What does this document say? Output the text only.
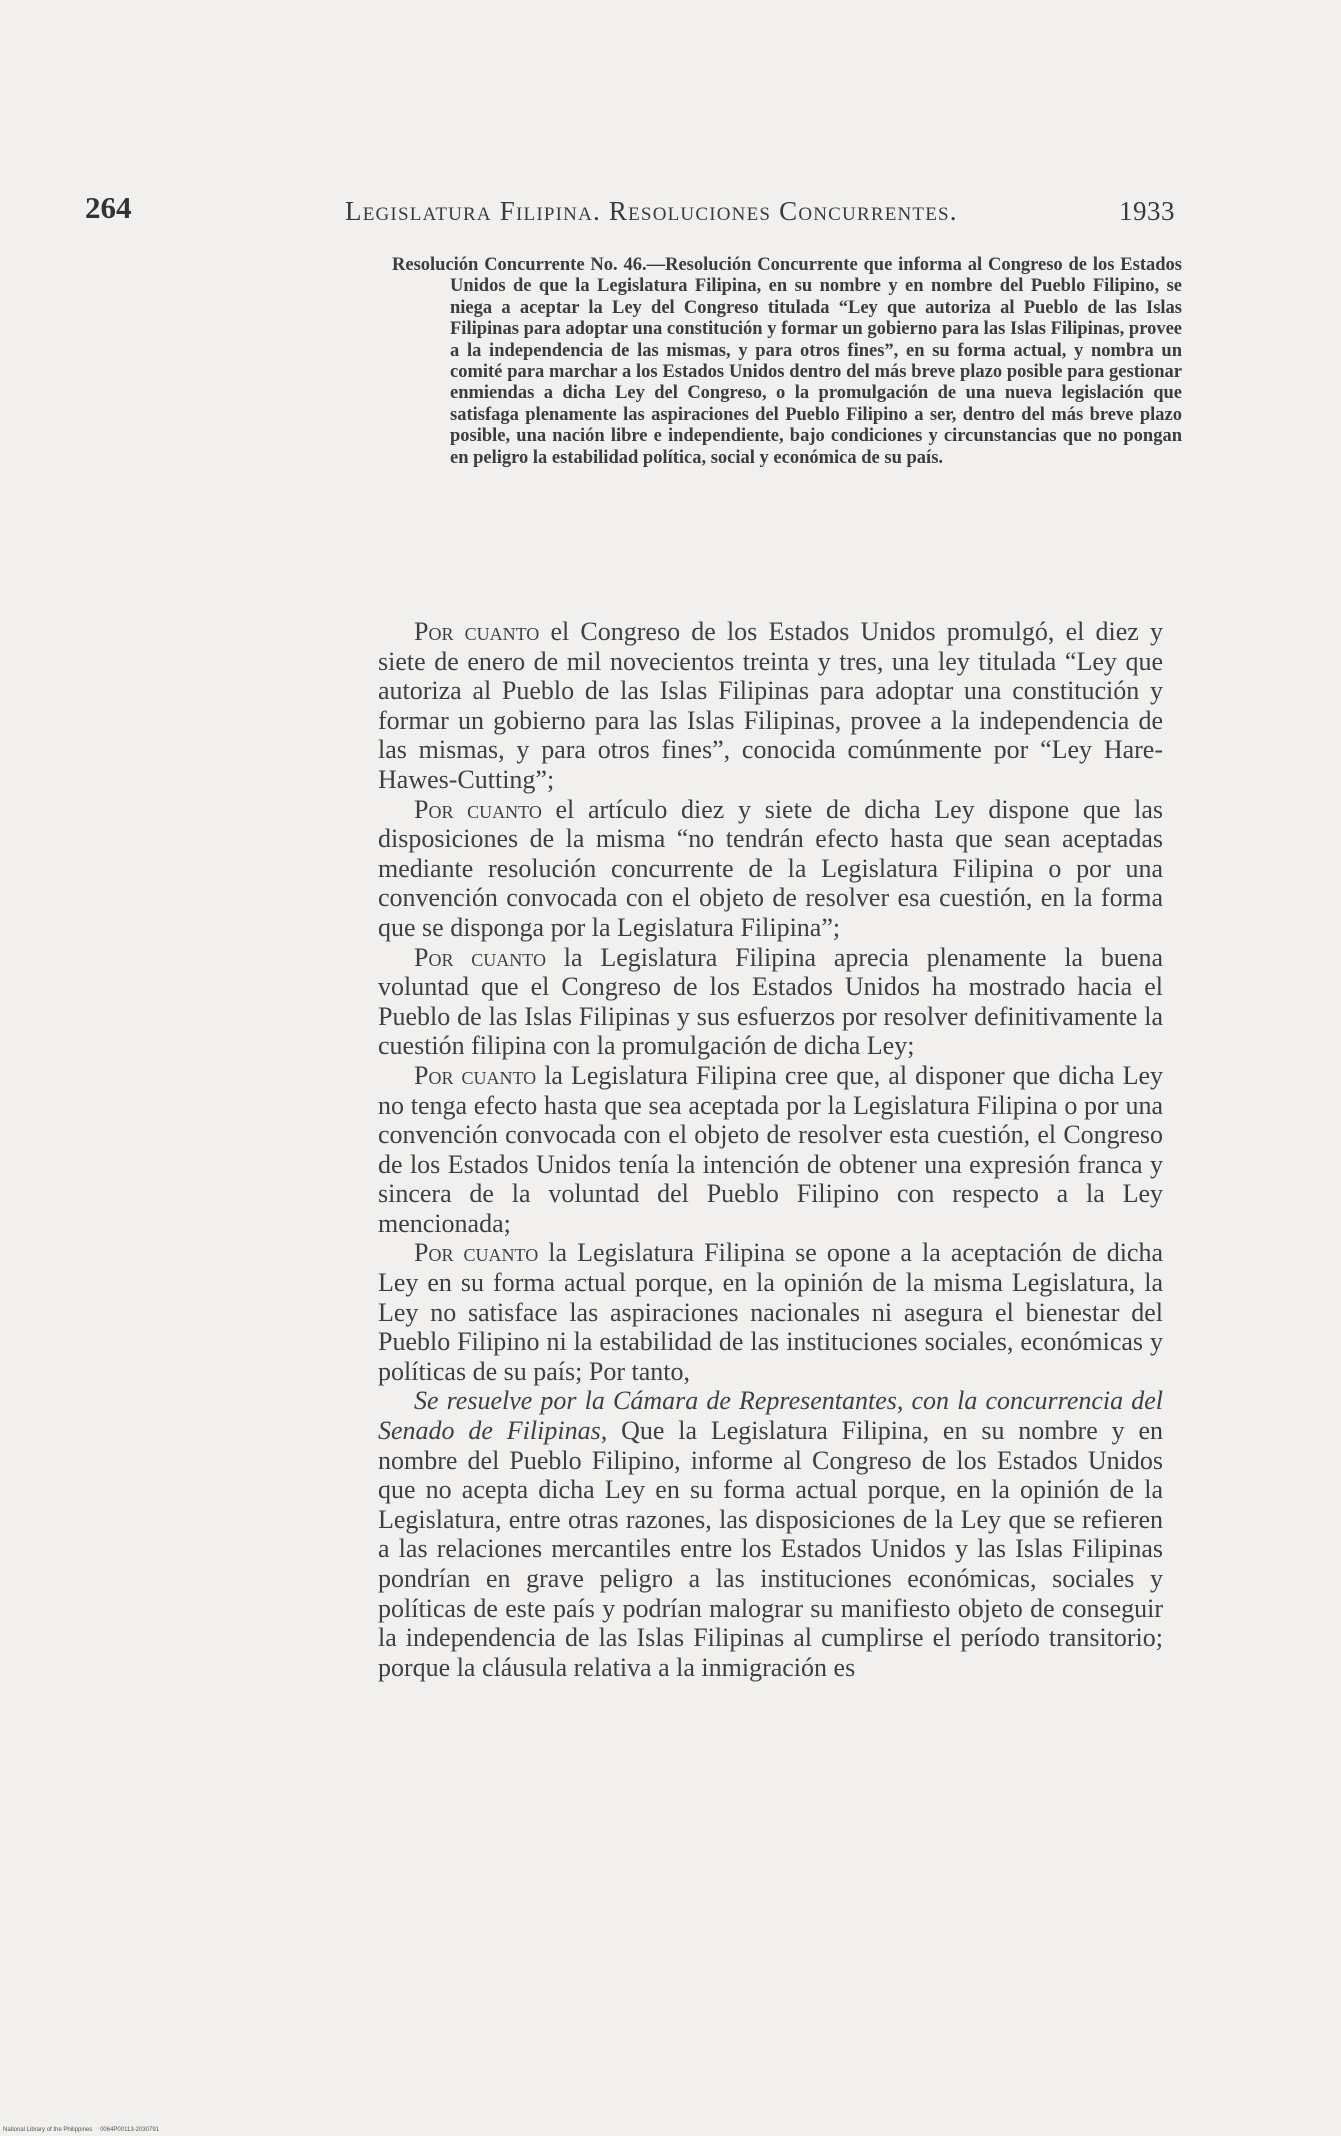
264	Legislatura Filipina. Resoluciones Concurrentes.	1933

Resolución Concurrente No. 46.—Resolución Concurrente que informa al Congreso de los Estados Unidos de que la Legislatura Filipina, en su nombre y en nombre del Pueblo Filipino, se niega a aceptar la Ley del Congreso titulada “Ley que autoriza al Pueblo de las Islas Filipinas para adoptar una constitución y formar un gobierno para las Islas Filipinas, provee a la independencia de las mismas, y para otros fines”, en su forma actual, y nombra un comité para marchar a los Estados Unidos dentro del más breve plazo posible para gestionar enmiendas a dicha Ley del Congreso, o la promulgación de una nueva legislación que satisfaga plenamente las aspiraciones del Pueblo Filipino a ser, dentro del más breve plazo posible, una nación libre e independiente, bajo condiciones y circunstancias que no pongan en peligro la estabilidad política, social y económica de su país.

Por cuanto el Congreso de los Estados Unidos promulgó, el diez y siete de enero de mil novecientos treinta y tres, una ley titulada “Ley que autoriza al Pueblo de las Islas Filipinas para adoptar una constitución y formar un gobierno para las Islas Filipinas, provee a la independencia de las mismas, y para otros fines”, conocida comúnmente por “Ley Hare-Hawes-Cutting”;

Por cuanto el artículo diez y siete de dicha Ley dispone que las disposiciones de la misma “no tendrán efecto hasta que sean aceptadas mediante resolución concurrente de la Legislatura Filipina o por una convención convocada con el objeto de resolver esa cuestión, en la forma que se disponga por la Legislatura Filipina”;

Por cuanto la Legislatura Filipina aprecia plenamente la buena voluntad que el Congreso de los Estados Unidos ha mostrado hacia el Pueblo de las Islas Filipinas y sus esfuerzos por resolver definitivamente la cuestión filipina con la promulgación de dicha Ley;

Por cuanto la Legislatura Filipina cree que, al disponer que dicha Ley no tenga efecto hasta que sea aceptada por la Legislatura Filipina o por una convención convocada con el objeto de resolver esta cuestión, el Congreso de los Estados Unidos tenía la intención de obtener una expresión franca y sincera de la voluntad del Pueblo Filipino con respecto a la Ley mencionada;

Por cuanto la Legislatura Filipina se opone a la aceptación de dicha Ley en su forma actual porque, en la opinión de la misma Legislatura, la Ley no satisface las aspiraciones nacionales ni asegura el bienestar del Pueblo Filipino ni la estabilidad de las instituciones sociales, económicas y políticas de su país; Por tanto,

Se resuelve por la Cámara de Representantes, con la concurrencia del Senado de Filipinas, Que la Legislatura Filipina, en su nombre y en nombre del Pueblo Filipino, informe al Congreso de los Estados Unidos que no acepta dicha Ley en su forma actual porque, en la opinión de la Legislatura, entre otras razones, las disposiciones de la Ley que se refieren a las relaciones mercantiles entre los Estados Unidos y las Islas Filipinas pondrían en grave peligro a las instituciones económicas, sociales y políticas de este país y podrían malograr su manifiesto objeto de conseguir la independencia de las Islas Filipinas al cumplirse el período transitorio; porque la cláusula relativa a la inmigración es

National Library of the Philippines 0064P00113-2030791
